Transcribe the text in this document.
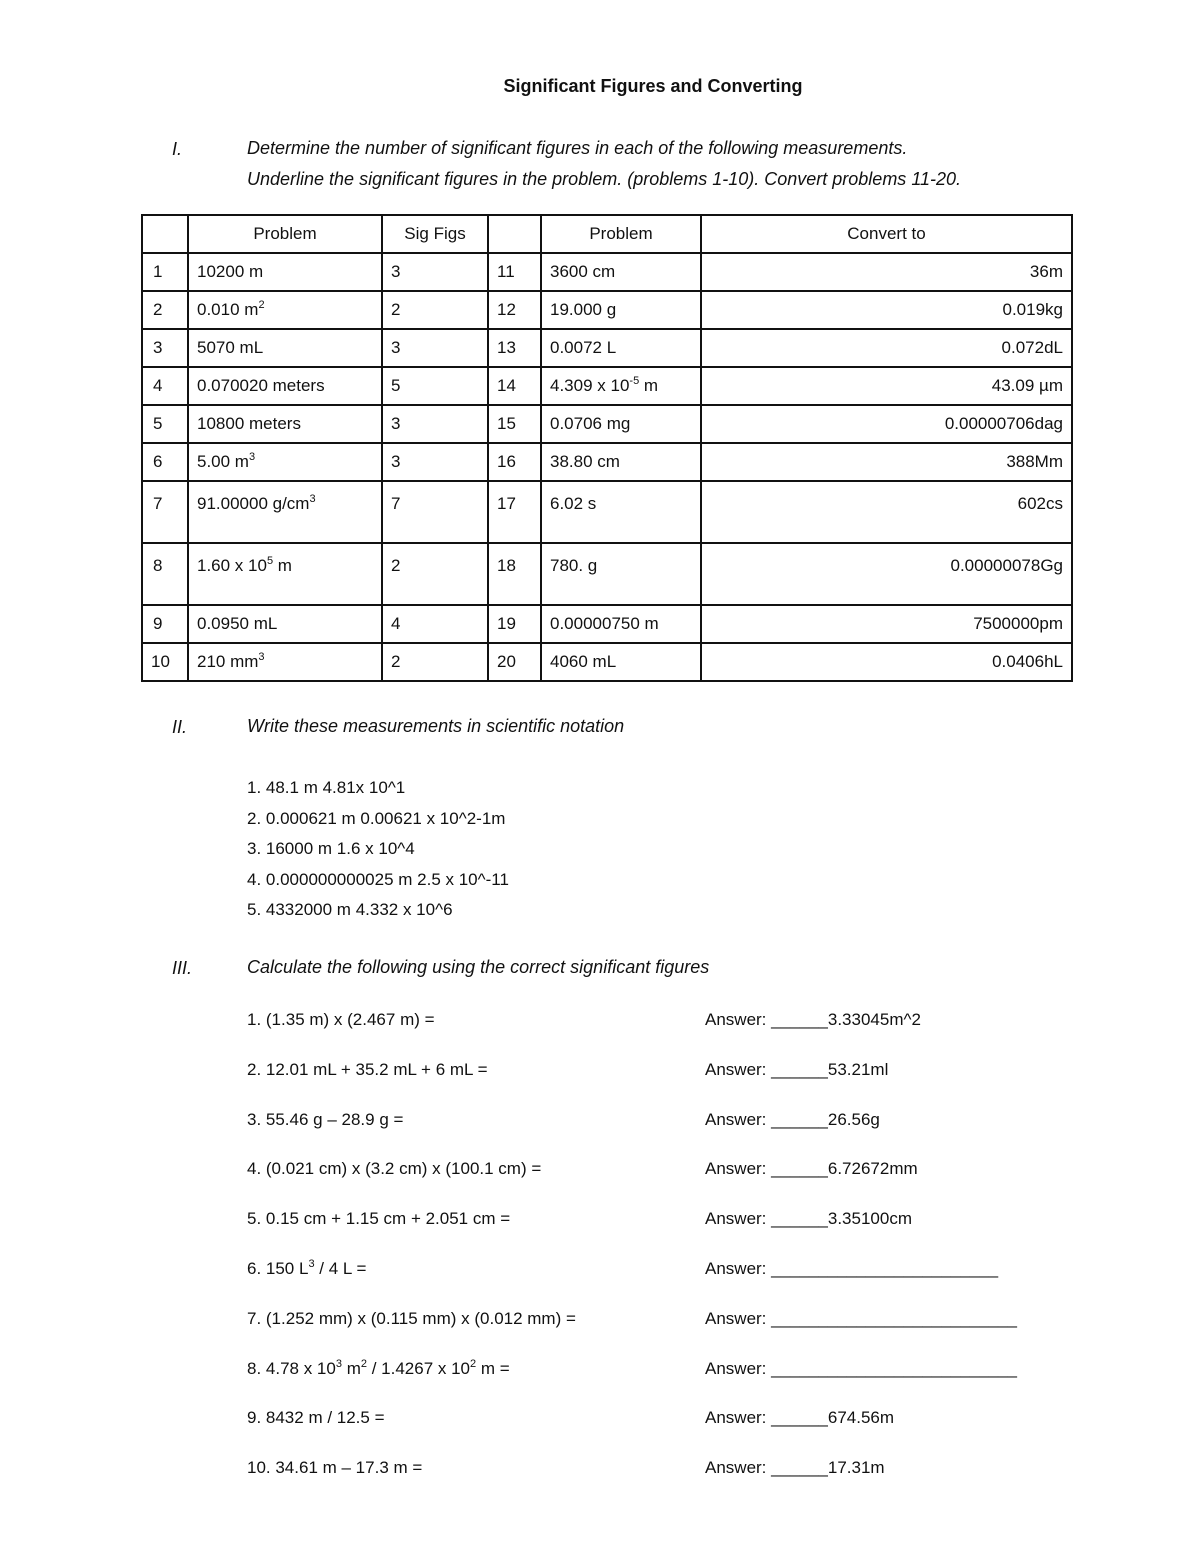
Significant Figures and Converting
I.	Determine the number of significant figures in each of the following measurements.
Underline the significant figures in the problem. (problems 1-10). Convert problems 11-20.
	Problem	Sig Figs		Problem	Convert to
1	10200 m	3	11	3600 cm	36m
2	0.010 $m^2$	2	12	19.000 g	0.019kg
3	5070 mL	3	13	0.0072 L	0.072dL
4	0.070020 meters	5	14	4.309 x $10^{-5}$ m	43.09 µm
5	10800 meters	3	15	0.0706 mg	0.00000706dag
6	5.00 $m^3$	3	16	38.80 cm	388Mm
7	91.00000 $g/cm^3$	7	17	6.02 s	602cs
8	1.60 x $10^5$ m	2	18	780. g	0.00000078Gg
9	0.0950 mL	4	19	0.00000750 m	7500000pm
10	210 $mm^3$	2	20	4060 mL	0.0406hL
II.	Write these measurements in scientific notation
1. 48.1 m 4.81x 10^1
2. 0.000621 m 0.00621 x 10^2-1m
3. 16000 m 1.6 x 10^4
4. 0.000000000025 m 2.5 x 10^-11
5. 4332000 m 4.332 x 10^6
III.	Calculate the following using the correct significant figures
1. (1.35 m) x (2.467 m) =	Answer: ______3.33045m^2
2. 12.01 mL + 35.2 mL + 6 mL =	Answer: ______53.21ml
3. 55.46 g – 28.9 g =	Answer: ______26.56g
4. (0.021 cm) x (3.2 cm) x (100.1 cm) =	Answer: ______6.72672mm
5. 0.15 cm + 1.15 cm + 2.051 cm =	Answer: ______3.35100cm
6. 150 $L^3 / 4$ L =	Answer: ________________________
7. (1.252 mm) x (0.115 mm) x (0.012 mm) =	Answer: __________________________
8. 4.78 x $10^3$ $m^2 / 1.4267$ x $10^2$ m =	Answer: __________________________
9. 8432 m / 12.5 =	Answer: ______674.56m
10. 34.61 m – 17.3 m =	Answer: ______17.31m
